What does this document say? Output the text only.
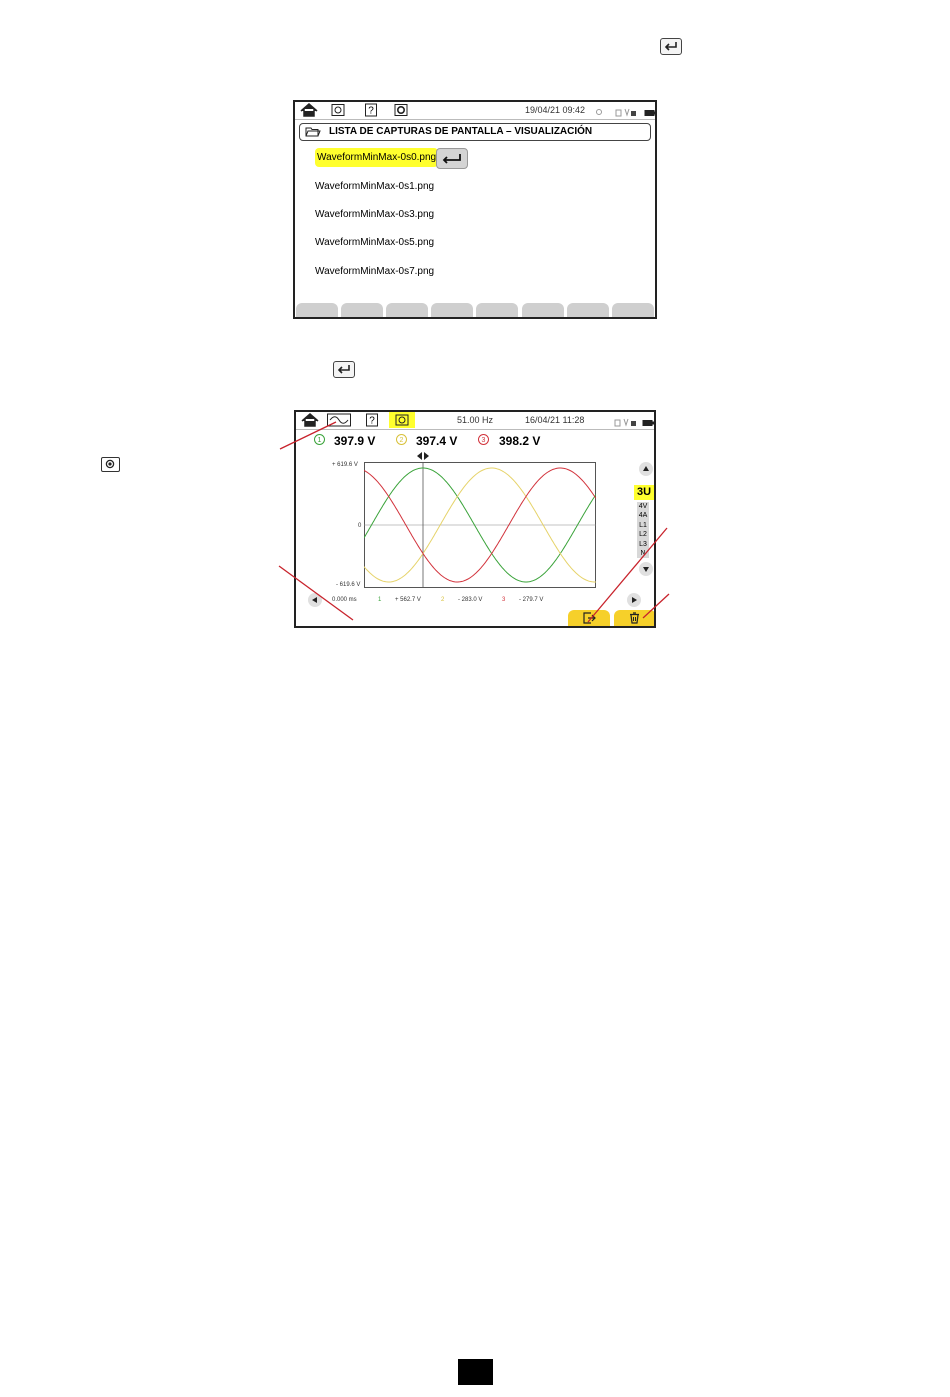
?	19/04/21 09:42
LISTA DE CAPTURAS DE PANTALLA – VISUALIZACIÓN
WaveformMinMax-0s0.png
WaveformMinMax-0s1.png
WaveformMinMax-0s3.png
WaveformMinMax-0s5.png
WaveformMinMax-0s7.png
?	51.00 Hz	16/04/21 11:28
1 397.9 V	2 397.4 V	3 398.2 V
+ 619.6 V
0
- 619.6 V
3U
4V
4A
L1
L2
L3
N
0.000 ms	1 + 562.7 V	2 - 283.0 V	3 - 279.7 V
